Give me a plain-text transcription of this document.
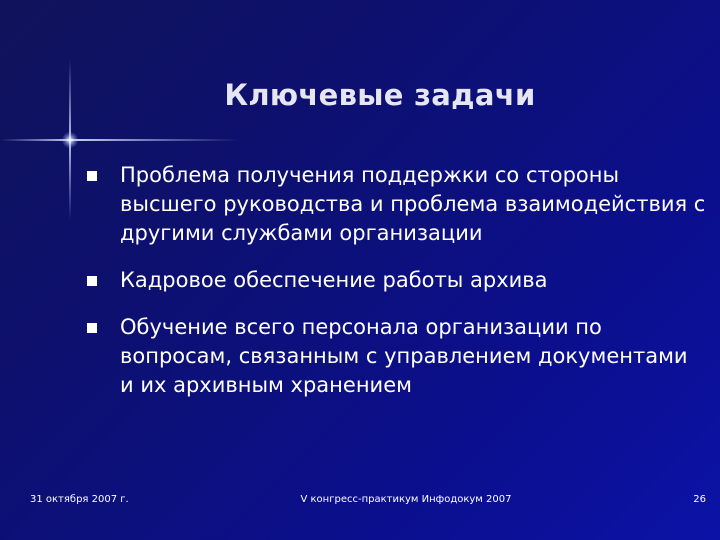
Ключевые задачи
Проблема получения поддержки со стороны высшего руководства и проблема взаимодействия с другими службами организации
Кадровое обеспечение работы архива
Обучение всего персонала организации по вопросам, связанным с управлением документами и их архивным хранением
31 октября 2007 г.	V конгресс-практикум Инфодокум 2007	26
